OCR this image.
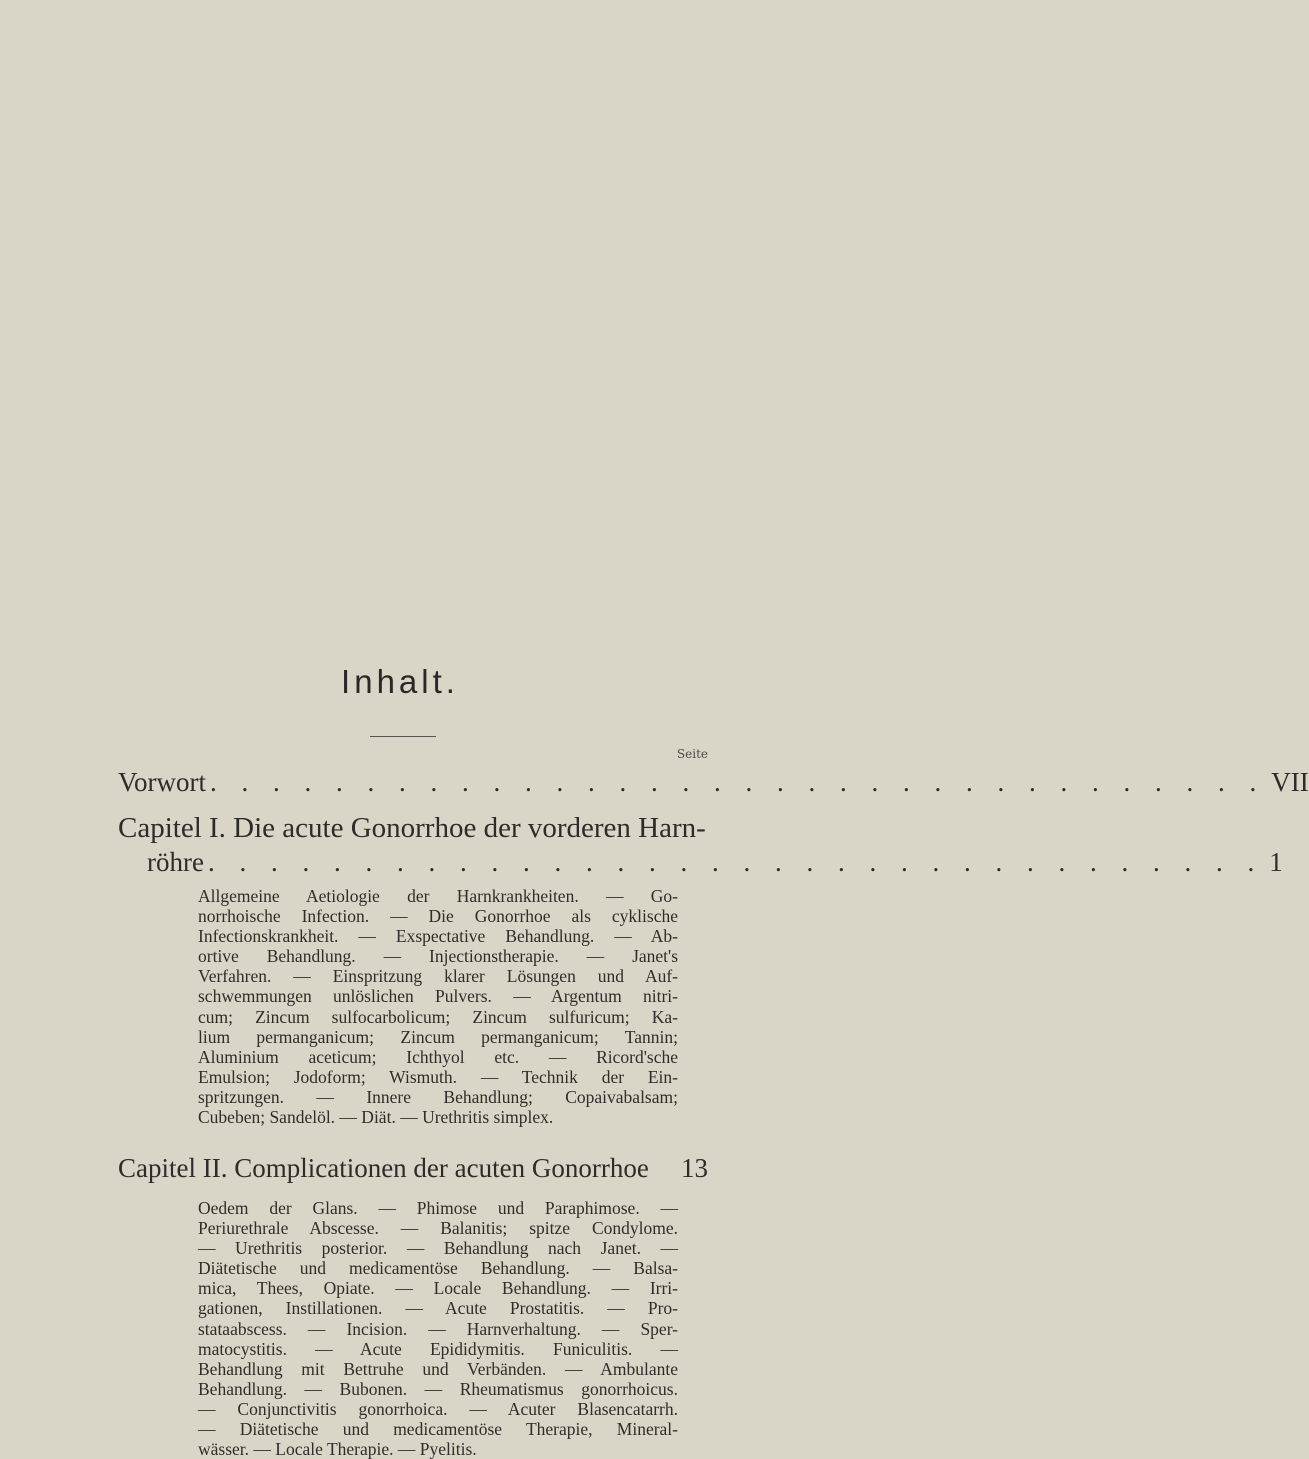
Inhalt.
Seite
Vorwort . . . . . . . . . . . . . . . . . . . . . . . . . . . . . . . . . . VII
Capitel I. Die acute Gonorrhoe der vorderen Harn-
röhre . . . . . . . . . . . . . . . . . . . . . . . . . . . . . . . . . . 1
Allgemeine Aetiologie der Harnkrankheiten. — Go-
norrhoische Infection. — Die Gonorrhoe als cyklische
Infectionskrankheit. — Exspectative Behandlung. — Ab-
ortive Behandlung. — Injectionstherapie. — Janet's
Verfahren. — Einspritzung klarer Lösungen und Auf-
schwemmungen unlöslichen Pulvers. — Argentum nitri-
cum; Zincum sulfocarbolicum; Zincum sulfuricum; Ka-
lium permanganicum; Zincum permanganicum; Tannin;
Aluminium aceticum; Ichthyol etc. — Ricord'sche
Emulsion; Jodoform; Wismuth. — Technik der Ein-
spritzungen. — Innere Behandlung; Copaivabalsam;
Cubeben; Sandelöl. — Diät. — Urethritis simplex.
Capitel II. Complicationen der acuten Gonorrhoe 13
Oedem der Glans. — Phimose und Paraphimose. —
Periurethrale Abscesse. — Balanitis; spitze Condylome.
— Urethritis posterior. — Behandlung nach Janet. —
Diätetische und medicamentöse Behandlung. — Balsa-
mica, Thees, Opiate. — Locale Behandlung. — Irri-
gationen, Instillationen. — Acute Prostatitis. — Pro-
stataabscess. — Incision. — Harnverhaltung. — Sper-
matocystitis. — Acute Epididymitis. Funiculitis. —
Behandlung mit Bettruhe und Verbänden. — Ambulante
Behandlung. — Bubonen. — Rheumatismus gonorrhoicus.
— Conjunctivitis gonorrhoica. — Acuter Blasencatarrh.
— Diätetische und medicamentöse Therapie, Mineral-
wässer. — Locale Therapie. — Pyelitis.
